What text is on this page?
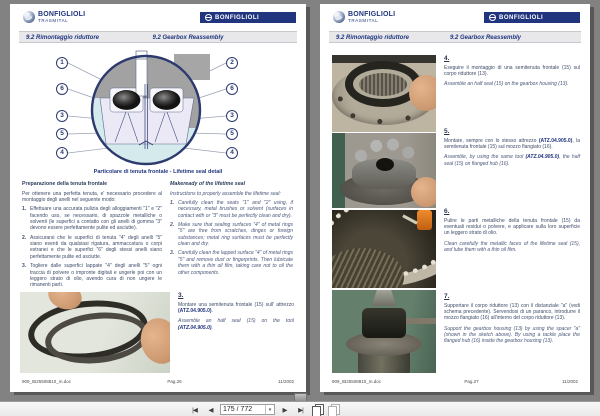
BONFIGLIOLI
TRASMITAL	BONFIGLIOLI
9.2 Rimontaggio riduttore	9.2 Gearbox Reassembly
1
6
3
5
4
2
6
3
5
4
Particolare di tenuta frontale - Lifetime seal detail
Preparazione della tenuta frontale
Per ottenere una perfetta tenuta, e' necessario procedere al montaggio degli anelli nel seguente modo:
1. Effettuare una accurata pulizia degli alloggiamenti "1" e "2" facendo uso, se necessario, di spazzole metalliche o solventi (le superfici a contatto con gli anelli di gomma "3" devono essere perfettamente pulite ed asciutte).
2. Assicurarsi che le superfici di tenuta "4" degli anelli "5" siano esenti da qualsiasi rigatura, ammaccatura o corpi estranei e che le superfici "6" degli stessi anelli siano perfettamente pulite ed asciutte.
3. Togliere dalle superfici lappate "4" degli anelli "5" ogni traccia di polvere o impronte digitali e ungerle poi con un leggero strato di olio, avendo cura di non ungere le rimanenti parti.
Makeready of the lifetime seal
Instructions to properly assemble the lifetime seal:
1. Carefully clean the seats "1" and "2" using, if necessary, metal brushes or solvent (surfaces in contact with or "3" must be perfectly clean and dry).
2. Make sure that sealing surfaces "4" of metal rings "5" are free from scratches, dinges or foreign substances; metal ring surfaces must be perfectly clean and dry.
3. Carefully clean the lapped surface "4" of metal rings "5" and remove dust or fingerprints. Then lubricate them with a thin oil film, taking care not to oil the other components.
3.

Montare una semitenuta frontale (15) sull' attrezzo (ATZ.04.905.0).

Assemble an half seal (15) on the tool (ATZ.04.905.0).

909_IB25508810_m.doc	Pag.26	11/2002
BONFIGLIOLI
TRASMITAL	BONFIGLIOLI
9.2 Rimontaggio riduttore	9.2 Gearbox Reassembly
4.

Eseguire il montaggio di una semitenuta frontale (15) sul corpo riduttore (13).

Assemble an half seal (15) on the gearbox housing (13).

5.

Montare, sempre con lo stesso attrezzo (ATZ.04.905.0), la semitenuta frontale (15) sul mozzo flangiato (16).

Assemble, by using the same tool (ATZ.04.905.0), the half seal (15) on flanged hub (16).

6.

Pulire le parti metalliche della tenuta frontale (15) da eventuali residui o polvere, e applicare sulla loro superficie un leggero strato di olio.

Clean carefully the metallic faces of the lifetime seal (15), and lube them with a thin oil film.

7.

Supportare il corpo riduttore (13) con il distanziale "a" (vedi schema precedente). Servendosi di un paranco, introdurre il mozzo flangiato (16) all'interno del corpo riduttore (13).

Support the gearbox housing (13) by using the spacer "a" (shown in the sketch above). By using a tackle place the flanged hub (16) inside the gearbox housing (13).

909_IB25508810_m.doc	Pag.27	11/2002
|◀	◀
175 / 772	▾	▶	▶|
